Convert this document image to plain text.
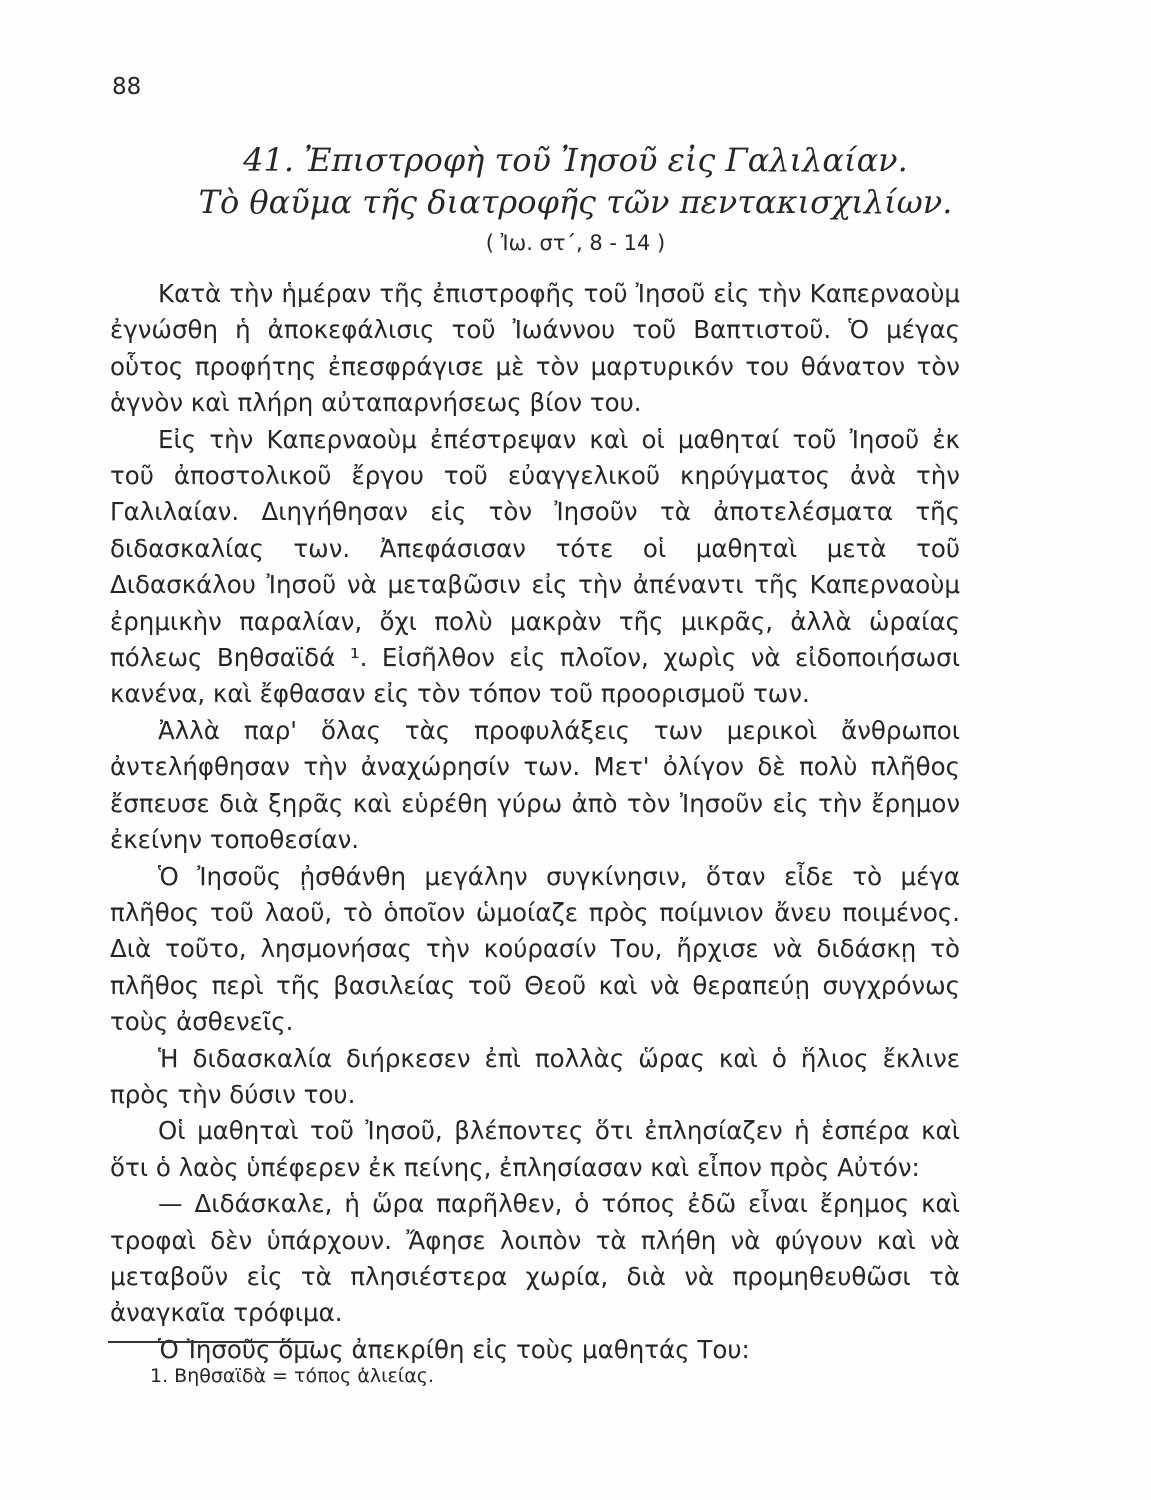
88
41. Ἐπιστροφὴ τοῦ Ἰησοῦ εἰς Γαλιλαίαν.
Τὸ θαῦμα τῆς διατροφῆς τῶν πεντακισχιλίων.
( Ἰω. στ΄, 8 - 14 )

Κατὰ τὴν ἡμέραν τῆς ἐπιστροφῆς τοῦ Ἰησοῦ εἰς τὴν Καπερναοὺμ ἐγνώσθη ἡ ἀποκεφάλισις τοῦ Ἰωάννου τοῦ Βαπτιστοῦ. Ὁ μέγας οὗτος προφήτης ἐπεσφράγισε μὲ τὸν μαρτυρικόν του θάνατον τὸν ἁγνὸν καὶ πλήρη αὐταπαρνήσεως βίον του.

Εἰς τὴν Καπερναοὺμ ἐπέστρεψαν καὶ οἱ μαθηταί τοῦ Ἰησοῦ ἐκ τοῦ ἀποστολικοῦ ἔργου τοῦ εὐαγγελικοῦ κηρύγματος ἀνὰ τὴν Γαλιλαίαν. Διηγήθησαν εἰς τὸν Ἰησοῦν τὰ ἀποτελέσματα τῆς διδασκαλίας των. Ἀπεφάσισαν τότε οἱ μαθηταὶ μετὰ τοῦ Διδασκάλου Ἰησοῦ νὰ μεταβῶσιν εἰς τὴν ἀπέναντι τῆς Καπερναοὺμ ἐρημικὴν παραλίαν, ὄχι πολὺ μακρὰν τῆς μικρᾶς, ἀλλὰ ὡραίας πόλεως Βηθσαϊδά ¹. Εἰσῆλθον εἰς πλοῖον, χωρὶς νὰ εἰδοποιήσωσι κανένα, καὶ ἔφθασαν εἰς τὸν τόπον τοῦ προορισμοῦ των.

Ἀλλὰ παρ' ὅλας τὰς προφυλάξεις των μερικοὶ ἄνθρωποι ἀντελήφθησαν τὴν ἀναχώρησίν των. Μετ' ὀλίγον δὲ πολὺ πλῆθος ἔσπευσε διὰ ξηρᾶς καὶ εὑρέθη γύρω ἀπὸ τὸν Ἰησοῦν εἰς τὴν ἔρημον ἐκείνην τοποθεσίαν.

Ὁ Ἰησοῦς ᾐσθάνθη μεγάλην συγκίνησιν, ὅταν εἶδε τὸ μέγα πλῆθος τοῦ λαοῦ, τὸ ὁποῖον ὡμοίαζε πρὸς ποίμνιον ἄνευ ποιμένος. Διὰ τοῦτο, λησμονήσας τὴν κούρασίν Του, ἤρχισε νὰ διδάσκῃ τὸ πλῆθος περὶ τῆς βασιλείας τοῦ Θεοῦ καὶ νὰ θεραπεύῃ συγχρόνως τοὺς ἀσθενεῖς.

Ἡ διδασκαλία διήρκεσεν ἐπὶ πολλὰς ὥρας καὶ ὁ ἥλιος ἔκλινε πρὸς τὴν δύσιν του.

Οἱ μαθηταὶ τοῦ Ἰησοῦ, βλέποντες ὅτι ἐπλησίαζεν ἡ ἑσπέρα καὶ ὅτι ὁ λαὸς ὑπέφερεν ἐκ πείνης, ἐπλησίασαν καὶ εἶπον πρὸς Αὐτόν:

— Διδάσκαλε, ἡ ὥρα παρῆλθεν, ὁ τόπος ἐδῶ εἶναι ἔρημος καὶ τροφαὶ δὲν ὑπάρχουν. Ἄφησε λοιπὸν τὰ πλήθη νὰ φύγουν καὶ νὰ μεταβοῦν εἰς τὰ πλησιέστερα χωρία, διὰ νὰ προμηθευθῶσι τὰ ἀναγκαῖα τρόφιμα.

Ὁ Ἰησοῦς ὅμως ἀπεκρίθη εἰς τοὺς μαθητάς Του:

1. Βηθσαϊδὰ = τόπος ἁλιείας.
